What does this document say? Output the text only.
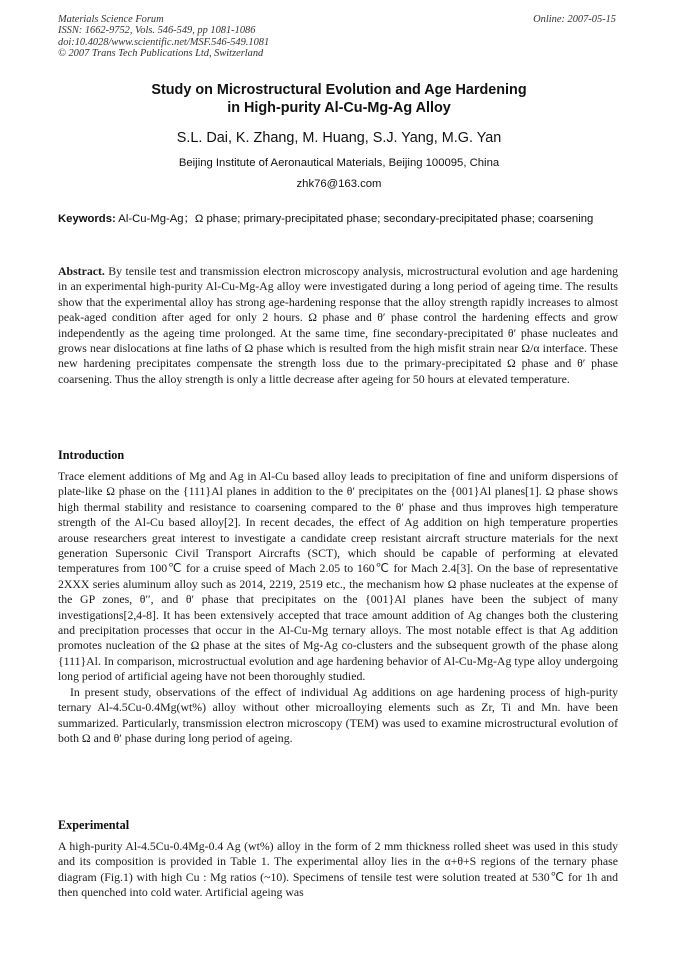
Materials Science Forum
ISSN: 1662-9752, Vols. 546-549, pp 1081-1086
doi:10.4028/www.scientific.net/MSF.546-549.1081
© 2007 Trans Tech Publications Ltd, Switzerland
Online: 2007-05-15
Study on Microstructural Evolution and Age Hardening
in High-purity Al-Cu-Mg-Ag Alloy
S.L. Dai, K. Zhang, M. Huang, S.J. Yang, M.G. Yan
Beijing Institute of Aeronautical Materials, Beijing 100095, China
zhk76@163.com
Keywords: Al-Cu-Mg-Ag；Ω phase; primary-precipitated phase; secondary-precipitated phase; coarsening

Abstract. By tensile test and transmission electron microscopy analysis, microstructural evolution and age hardening in an experimental high-purity Al-Cu-Mg-Ag alloy were investigated during a long period of ageing time. The results show that the experimental alloy has strong age-hardening response that the alloy strength rapidly increases to almost peak-aged condition after aged for only 2 hours. Ω phase and θ′ phase control the hardening effects and grow independently as the ageing time prolonged. At the same time, fine secondary-precipitated θ′ phase nucleates and grows near dislocations at fine laths of Ω phase which is resulted from the high misfit strain near Ω/α interface. These new hardening precipitates compensate the strength loss due to the primary-precipitated Ω phase and θ′ phase coarsening. Thus the alloy strength is only a little decrease after ageing for 50 hours at elevated temperature.

Introduction

Trace element additions of Mg and Ag in Al-Cu based alloy leads to precipitation of fine and uniform dispersions of plate-like Ω phase on the {111}Al planes in addition to the θ′ precipitates on the {001}Al planes[1]. Ω phase shows high thermal stability and resistance to coarsening compared to the θ′ phase and thus improves high temperature strength of the Al-Cu based alloy[2]. In recent decades, the effect of Ag addition on high temperature properties arouse researchers great interest to investigate a candidate creep resistant aircraft structure materials for the next generation Supersonic Civil Transport Aircrafts (SCT), which should be capable of performing at elevated temperatures from 100℃ for a cruise speed of Mach 2.05 to 160℃ for Mach 2.4[3]. On the base of representative 2XXX series aluminum alloy such as 2014, 2219, 2519 etc., the mechanism how Ω phase nucleates at the expense of the GP zones, θ′′, and θ′ phase that precipitates on the {001}Al planes have been the subject of many investigations[2,4-8]. It has been extensively accepted that trace amount addition of Ag changes both the clustering and precipitation processes that occur in the Al-Cu-Mg ternary alloys. The most notable effect is that Ag addition promotes nucleation of the Ω phase at the sites of Mg-Ag co-clusters and the subsequent growth of the phase along {111}Al. In comparison, microstructual evolution and age hardening behavior of Al-Cu-Mg-Ag type alloy undergoing long period of artificial ageing have not been thoroughly studied.

In present study, observations of the effect of individual Ag additions on age hardening process of high-purity ternary Al-4.5Cu-0.4Mg(wt%) alloy without other microalloying elements such as Zr, Ti and Mn. have been summarized. Particularly, transmission electron microscopy (TEM) was used to examine microstructural evolution of both Ω and θ′ phase during long period of ageing.

Experimental

A high-purity Al-4.5Cu-0.4Mg-0.4 Ag (wt%) alloy in the form of 2 mm thickness rolled sheet was used in this study and its composition is provided in Table 1. The experimental alloy lies in the α+θ+S regions of the ternary phase diagram (Fig.1) with high Cu : Mg ratios (~10). Specimens of tensile test were solution treated at 530℃ for 1h and then quenched into cold water. Artificial ageing was
